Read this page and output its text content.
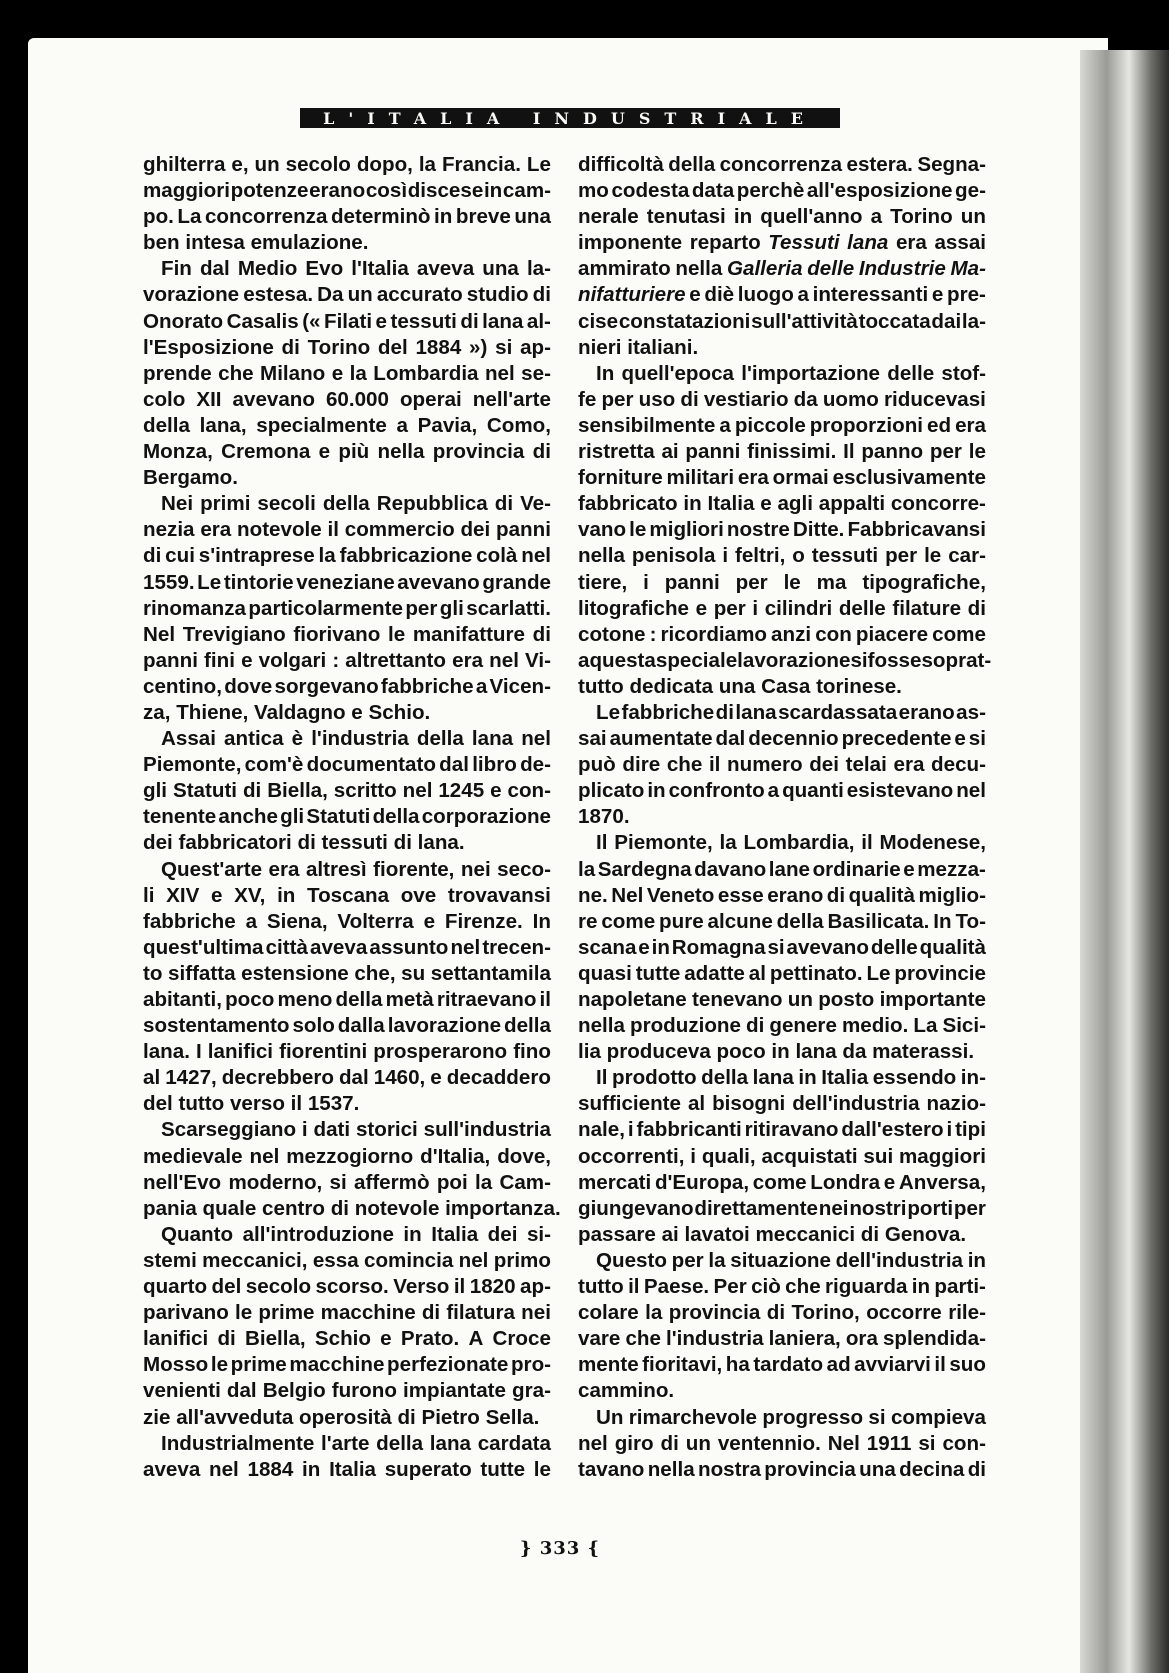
L'ITALIA INDUSTRIALE
ghilterra e, un secolo dopo, la Francia. Le
maggiori potenze erano così discese in cam-
po. La concorrenza determinò in breve una
ben intesa emulazione.
Fin dal Medio Evo l'Italia aveva una la-
vorazione estesa. Da un accurato studio di
Onorato Casalis (« Filati e tessuti di lana al-
l'Esposizione di Torino del 1884 ») si ap-
prende che Milano e la Lombardia nel se-
colo XII avevano 60.000 operai nell'arte
della lana, specialmente a Pavia, Como,
Monza, Cremona e più nella provincia di
Bergamo.
Nei primi secoli della Repubblica di Ve-
nezia era notevole il commercio dei panni
di cui s'intraprese la fabbricazione colà nel
1559. Le tintorie veneziane avevano grande
rinomanza particolarmente per gli scarlatti.
Nel Trevigiano fiorivano le manifatture di
panni fini e volgari : altrettanto era nel Vi-
centino, dove sorgevano fabbriche a Vicen-
za, Thiene, Valdagno e Schio.
Assai antica è l'industria della lana nel
Piemonte, com'è documentato dal libro de-
gli Statuti di Biella, scritto nel 1245 e con-
tenente anche gli Statuti della corporazione
dei fabbricatori di tessuti di lana.
Quest'arte era altresì fiorente, nei seco-
li XIV e XV, in Toscana ove trovavansi
fabbriche a Siena, Volterra e Firenze. In
quest'ultima città aveva assunto nel trecen-
to siffatta estensione che, su settantamila
abitanti, poco meno della metà ritraevano il
sostentamento solo dalla lavorazione della
lana. I lanifici fiorentini prosperarono fino
al 1427, decrebbero dal 1460, e decaddero
del tutto verso il 1537.
Scarseggiano i dati storici sull'industria
medievale nel mezzogiorno d'Italia, dove,
nell'Evo moderno, si affermò poi la Cam-
pania quale centro di notevole importanza.
Quanto all'introduzione in Italia dei si-
stemi meccanici, essa comincia nel primo
quarto del secolo scorso. Verso il 1820 ap-
parivano le prime macchine di filatura nei
lanifici di Biella, Schio e Prato. A Croce
Mosso le prime macchine perfezionate pro-
venienti dal Belgio furono impiantate gra-
zie all'avveduta operosità di Pietro Sella.
Industrialmente l'arte della lana cardata
aveva nel 1884 in Italia superato tutte le
difficoltà della concorrenza estera. Segna-
mo codesta data perchè all'esposizione ge-
nerale tenutasi in quell'anno a Torino un
imponente reparto Tessuti lana era assai
ammirato nella Galleria delle Industrie Ma-
nifatturiere e diè luogo a interessanti e pre-
cise constatazioni sull'attività toccata dai la-
nieri italiani.
In quell'epoca l'importazione delle stof-
fe per uso di vestiario da uomo riducevasi
sensibilmente a piccole proporzioni ed era
ristretta ai panni finissimi. Il panno per le
forniture militari era ormai esclusivamente
fabbricato in Italia e agli appalti concorre-
vano le migliori nostre Ditte. Fabbricavansi
nella penisola i feltri, o tessuti per le car-
tiere, i panni per le ma tipografiche,
litografiche e per i cilindri delle filature di
cotone : ricordiamo anzi con piacere come
a questa speciale lavorazione si fosse soprat-
tutto dedicata una Casa torinese.
Le fabbriche di lana scardassata erano as-
sai aumentate dal decennio precedente e si
può dire che il numero dei telai era decu-
plicato in confronto a quanti esistevano nel
1870.
Il Piemonte, la Lombardia, il Modenese,
la Sardegna davano lane ordinarie e mezza-
ne. Nel Veneto esse erano di qualità miglio-
re come pure alcune della Basilicata. In To-
scana e in Romagna si avevano delle qualità
quasi tutte adatte al pettinato. Le provincie
napoletane tenevano un posto importante
nella produzione di genere medio. La Sici-
lia produceva poco in lana da materassi.
Il prodotto della lana in Italia essendo in-
sufficiente al bisogni dell'industria nazio-
nale, i fabbricanti ritiravano dall'estero i tipi
occorrenti, i quali, acquistati sui maggiori
mercati d'Europa, come Londra e Anversa,
giungevano direttamente nei nostri porti per
passare ai lavatoi meccanici di Genova.
Questo per la situazione dell'industria in
tutto il Paese. Per ciò che riguarda in parti-
colare la provincia di Torino, occorre rile-
vare che l'industria laniera, ora splendida-
mente fioritavi, ha tardato ad avviarvi il suo
cammino.
Un rimarchevole progresso si compieva
nel giro di un ventennio. Nel 1911 si con-
tavano nella nostra provincia una decina di
} 333 {
